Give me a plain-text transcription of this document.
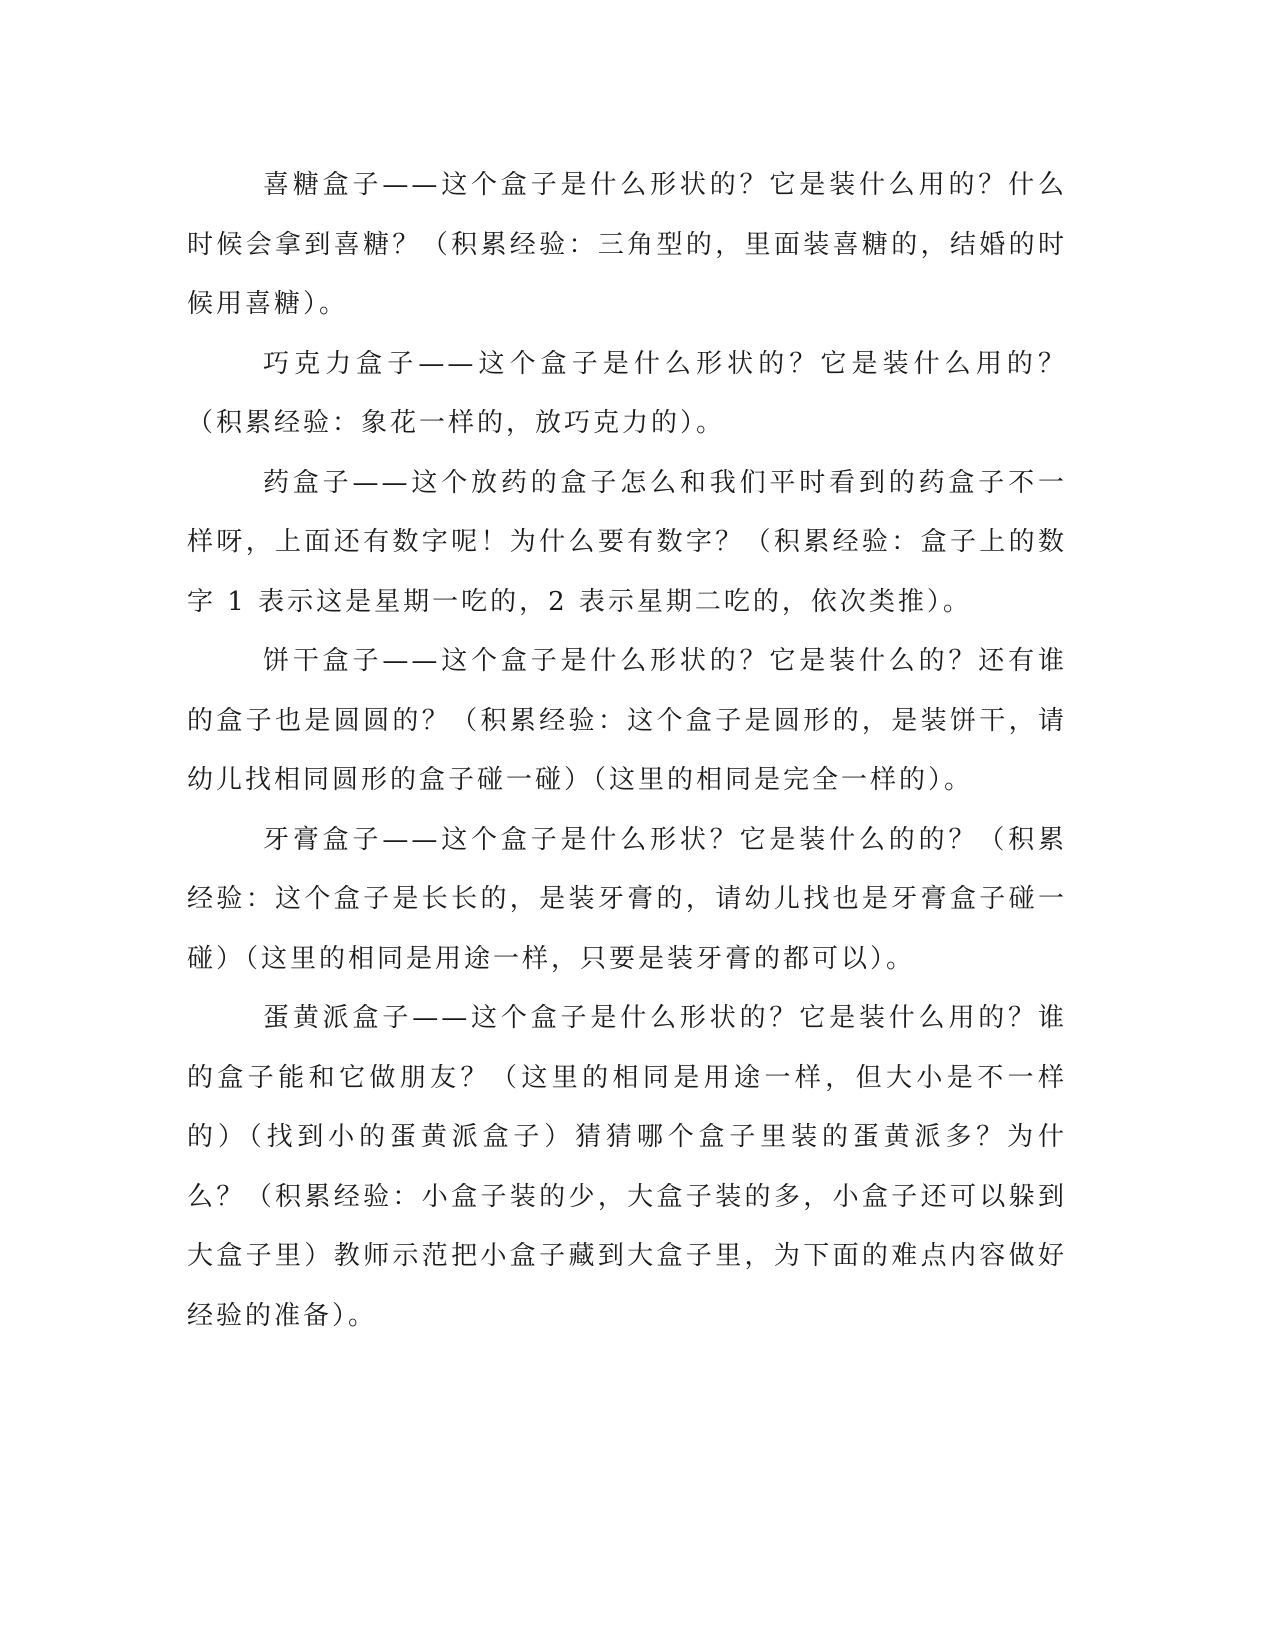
喜糖盒子——这个盒子是什么形状的？它是装什么用的？什么时候会拿到喜糖？（积累经验：三角型的，里面装喜糖的，结婚的时候用喜糖）。

巧克力盒子——这个盒子是什么形状的？它是装什么用的？（积累经验：象花一样的，放巧克力的）。

药盒子——这个放药的盒子怎么和我们平时看到的药盒子不一样呀，上面还有数字呢！为什么要有数字？（积累经验：盒子上的数字 1 表示这是星期一吃的，2 表示星期二吃的，依次类推）。

饼干盒子——这个盒子是什么形状的？它是装什么的？还有谁的盒子也是圆圆的？（积累经验：这个盒子是圆形的，是装饼干，请幼儿找相同圆形的盒子碰一碰）（这里的相同是完全一样的）。

牙膏盒子——这个盒子是什么形状？它是装什么的的？（积累经验：这个盒子是长长的，是装牙膏的，请幼儿找也是牙膏盒子碰一碰）（这里的相同是用途一样，只要是装牙膏的都可以）。

蛋黄派盒子——这个盒子是什么形状的？它是装什么用的？谁的盒子能和它做朋友？（这里的相同是用途一样，但大小是不一样的）（找到小的蛋黄派盒子）猜猜哪个盒子里装的蛋黄派多？为什么？（积累经验：小盒子装的少，大盒子装的多，小盒子还可以躲到大盒子里）教师示范把小盒子藏到大盒子里，为下面的难点内容做好经验的准备）。
